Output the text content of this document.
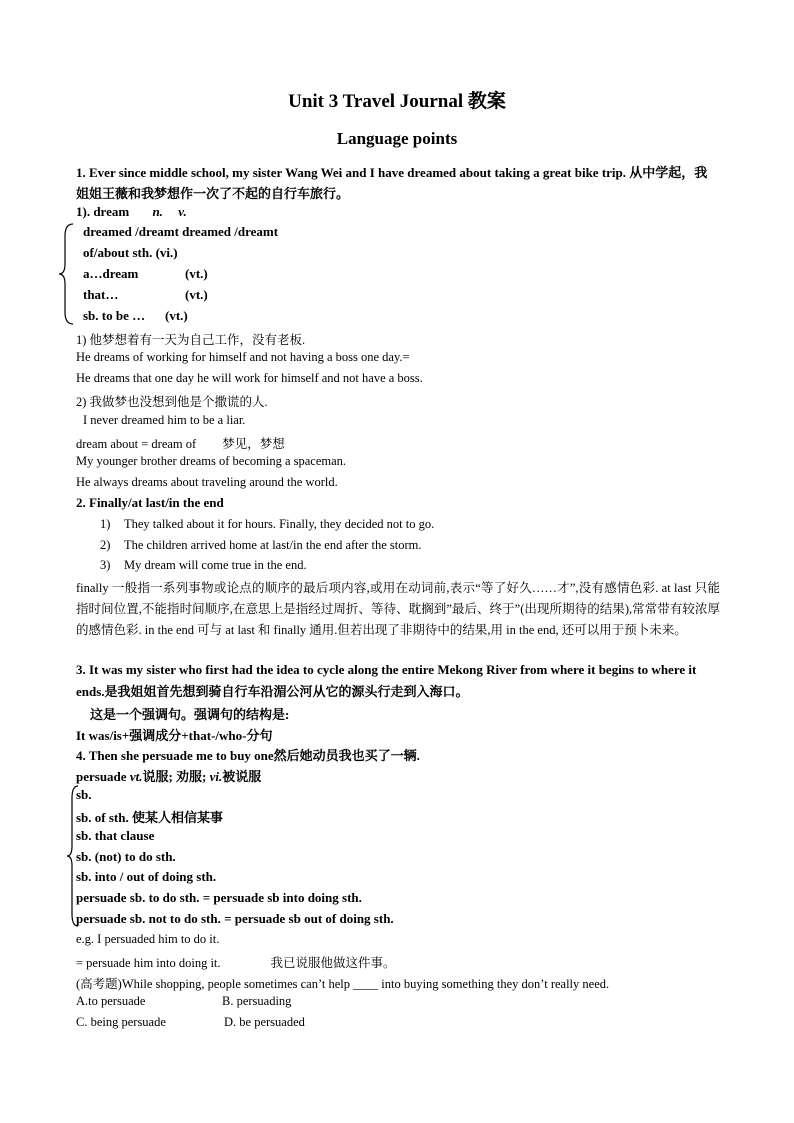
Unit 3 Travel Journal 教案
Language points
1. Ever since middle school, my sister Wang Wei and I have dreamed about taking a great bike trip. 从中学起，我姐姐王薇和我梦想作一次了不起的自行车旅行。
1). dream n. v.
dreamed /dreamt dreamed /dreamt
of/about sth. (vi.)
a…dream	(vt.)
that…	(vt.)
sb. to be … (vt.)
1) 他梦想着有一天为自己工作，没有老板.
He dreams of working for himself and not having a boss one day.=
He dreams that one day he will work for himself and not have a boss.
2) 我做梦也没想到他是个撒谎的人.
I never dreamed him to be a liar.
dream about = dream of 梦见，梦想
My younger brother dreams of becoming a spaceman.
He always dreams about traveling around the world.
2. Finally/at last/in the end
1) They talked about it for hours. Finally, they decided not to go.
2) The children arrived home at last/in the end after the storm.
3) My dream will come true in the end.
finally 一般指一系列事物或论点的顺序的最后项内容,或用在动词前,表示“等了好久……才”,没有感情色彩. at last 只能指时间位置,不能指时间顺序,在意思上是指经过周折、等待、耽搁到”最后、终于”(出现所期待的结果),常常带有较浓厚的感情色彩. in the end 可与 at last 和 finally 通用.但若出现了非期待中的结果,用 in the end, 还可以用于预卜未来。
3. It was my sister who first had the idea to cycle along the entire Mekong River from where it begins to where it ends.是我姐姐首先想到骑自行车沿湄公河从它的源头行走到入海口。
这是一个强调句。强调句的结构是:
It was/is+强调成分+that-/who-分句
4. Then she persuade me to buy one然后她动员我也买了一辆.
persuade vt.说服; 劝服; vi.被说服
sb.
sb. of sth. 使某人相信某事
sb. that clause
sb. (not) to do sth.
sb. into / out of doing sth.
persuade sb. to do sth. = persuade sb into doing sth.
persuade sb. not to do sth. = persuade sb out of doing sth.
e.g. I persuaded him to do it.
= persuade him into doing it.	我已说服他做这件事。
(高考题)While shopping, people sometimes can’t help ____ into buying something they don’t really need.
A.to persuade	B. persuading
C. being persuade	D. be persuaded
